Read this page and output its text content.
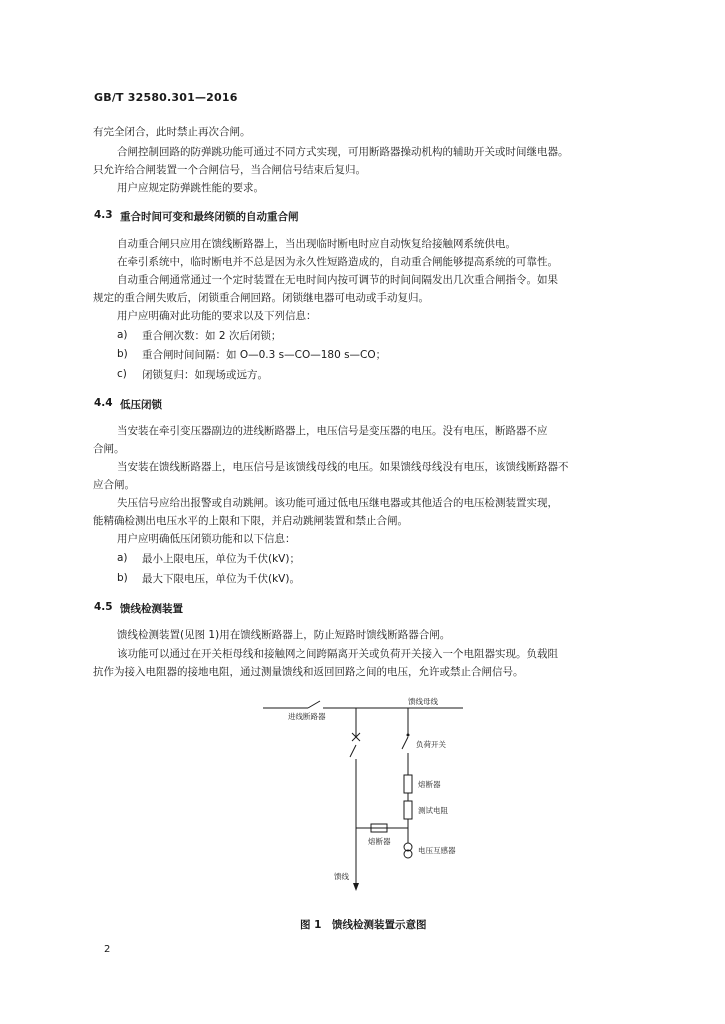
GB/T 32580.301—2016
有完全闭合，此时禁止再次合闸。
合闸控制回路的防弹跳功能可通过不同方式实现，可用断路器操动机构的辅助开关或时间继电器。
只允许给合闸装置一个合闸信号，当合闸信号结束后复归。
用户应规定防弹跳性能的要求。
4.3 重合时间可变和最终闭锁的自动重合闸
自动重合闸只应用在馈线断路器上，当出现临时断电时应自动恢复给接触网系统供电。
在牵引系统中，临时断电并不总是因为永久性短路造成的，自动重合闸能够提高系统的可靠性。
自动重合闸通常通过一个定时装置在无电时间内按可调节的时间间隔发出几次重合闸指令。如果
规定的重合闸失败后，闭锁重合闸回路。闭锁继电器可电动或手动复归。
用户应明确对此功能的要求以及下列信息：
a) 重合闸次数：如 2 次后闭锁；
b) 重合闸时间间隔：如 O—0.3 s—CO—180 s—CO；
c) 闭锁复归：如现场或远方。
4.4 低压闭锁
当安装在牵引变压器副边的进线断路器上，电压信号是变压器的电压。没有电压，断路器不应
合闸。
当安装在馈线断路器上，电压信号是该馈线母线的电压。如果馈线母线没有电压，该馈线断路器不
应合闸。
失压信号应给出报警或自动跳闸。该功能可通过低电压继电器或其他适合的电压检测装置实现，
能精确检测出电压水平的上限和下限，并启动跳闸装置和禁止合闸。
用户应明确低压闭锁功能和以下信息：
a) 最小上限电压，单位为千伏(kV)；
b) 最大下限电压，单位为千伏(kV)。
4.5 馈线检测装置
馈线检测装置(见图 1)用在馈线断路器上，防止短路时馈线断路器合闸。
该功能可以通过在开关柜母线和接触网之间跨隔离开关或负荷开关接入一个电阻器实现。负载阻
抗作为接入电阻器的接地电阻，通过测量馈线和返回回路之间的电压，允许或禁止合闸信号。
馈线母线
进线断路器
负荷开关
熔断器
测试电阻
熔断器
电压互感器
馈线
图 1　馈线检测装置示意图
2
